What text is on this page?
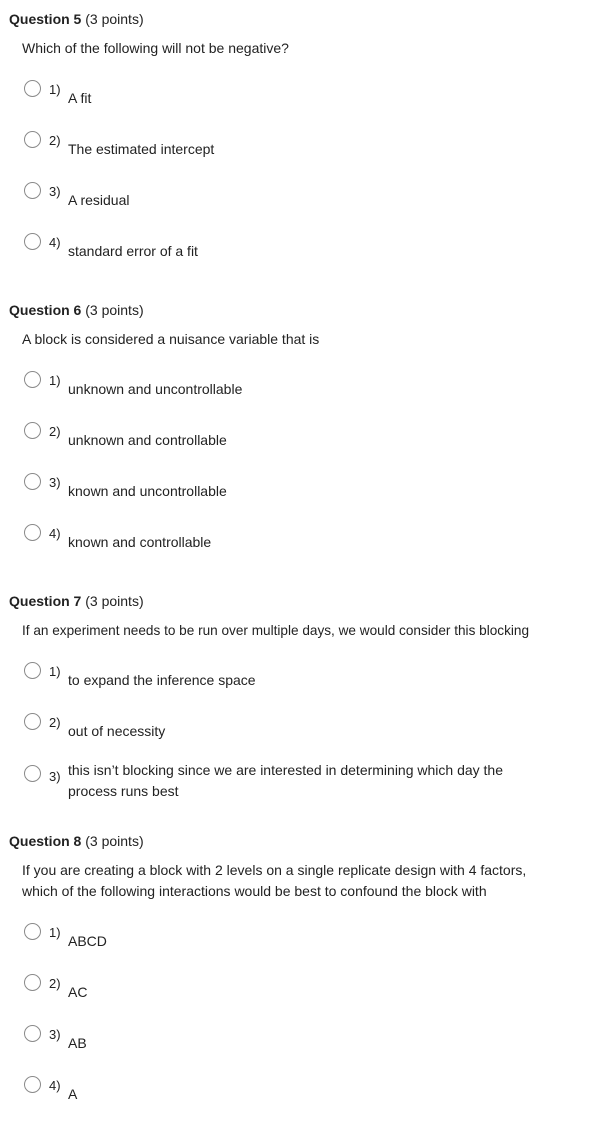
Question 5 (3 points)
Which of the following will not be negative?
1)
A fit
2)
The estimated intercept
3)
A residual
4)
standard error of a fit
Question 6 (3 points)
A block is considered a nuisance variable that is
1)
unknown and uncontrollable
2)
unknown and controllable
3)
known and uncontrollable
4)
known and controllable
Question 7 (3 points)
If an experiment needs to be run over multiple days, we would consider this blocking
1)
to expand the inference space
2)
out of necessity
3) this isn’t blocking since we are interested in determining which day the process runs best
Question 8 (3 points)
If you are creating a block with 2 levels on a single replicate design with 4 factors, which of the following interactions would be best to confound the block with
1)
ABCD
2)
AC
3)
AB
4)
A
